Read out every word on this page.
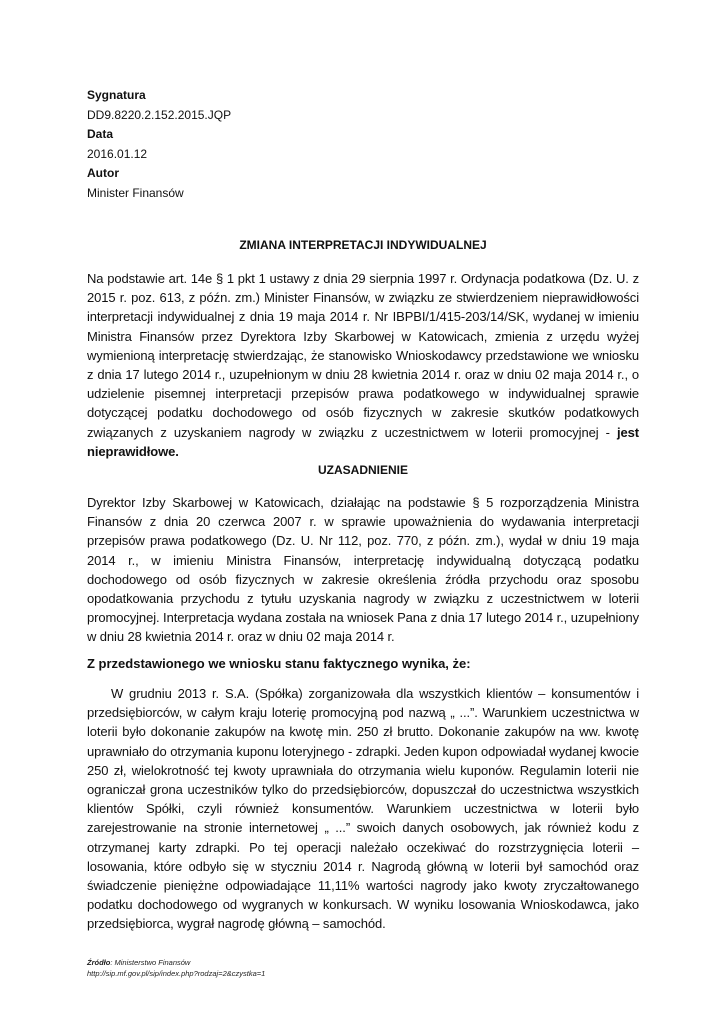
Sygnatura
DD9.8220.2.152.2015.JQP
Data
2016.01.12
Autor
Minister Finansów
ZMIANA INTERPRETACJI INDYWIDUALNEJ

Na podstawie art. 14e § 1 pkt 1 ustawy z dnia 29 sierpnia 1997 r. Ordynacja podatkowa (Dz. U. z 2015 r. poz. 613, z późn. zm.) Minister Finansów, w związku ze stwierdzeniem nieprawidłowości interpretacji indywidualnej z dnia 19 maja 2014 r. Nr IBPBI/1/415-203/14/SK, wydanej w imieniu Ministra Finansów przez Dyrektora Izby Skarbowej w Katowicach, zmienia z urzędu wyżej wymienioną interpretację stwierdzając, że stanowisko Wnioskodawcy przedstawione we wniosku z dnia 17 lutego 2014 r., uzupełnionym w dniu 28 kwietnia 2014 r. oraz w dniu 02 maja 2014 r., o udzielenie pisemnej interpretacji przepisów prawa podatkowego w indywidualnej sprawie dotyczącej podatku dochodowego od osób fizycznych w zakresie skutków podatkowych związanych z uzyskaniem nagrody w związku z uczestnictwem w loterii promocyjnej - jest nieprawidłowe.

UZASADNIENIE

Dyrektor Izby Skarbowej w Katowicach, działając na podstawie § 5 rozporządzenia Ministra Finansów z dnia 20 czerwca 2007 r. w sprawie upoważnienia do wydawania interpretacji przepisów prawa podatkowego (Dz. U. Nr 112, poz. 770, z późn. zm.), wydał w dniu 19 maja 2014 r., w imieniu Ministra Finansów, interpretację indywidualną dotyczącą podatku dochodowego od osób fizycznych w zakresie określenia źródła przychodu oraz sposobu opodatkowania przychodu z tytułu uzyskania nagrody w związku z uczestnictwem w loterii promocyjnej. Interpretacja wydana została na wniosek Pana z dnia 17 lutego 2014 r., uzupełniony w dniu 28 kwietnia 2014 r. oraz w dniu 02 maja 2014 r.

Z przedstawionego we wniosku stanu faktycznego wynika, że:

W grudniu 2013 r. S.A. (Spółka) zorganizowała dla wszystkich klientów – konsumentów i przedsiębiorców, w całym kraju loterię promocyjną pod nazwą „ ...”. Warunkiem uczestnictwa w loterii było dokonanie zakupów na kwotę min. 250 zł brutto. Dokonanie zakupów na ww. kwotę uprawniało do otrzymania kuponu loteryjnego - zdrapki. Jeden kupon odpowiadał wydanej kwocie 250 zł, wielokrotność tej kwoty uprawniała do otrzymania wielu kuponów. Regulamin loterii nie ograniczał grona uczestników tylko do przedsiębiorców, dopuszczał do uczestnictwa wszystkich klientów Spółki, czyli również konsumentów. Warunkiem uczestnictwa w loterii było zarejestrowanie na stronie internetowej „ ...” swoich danych osobowych, jak również kodu z otrzymanej karty zdrapki. Po tej operacji należało oczekiwać do rozstrzygnięcia loterii – losowania, które odbyło się w styczniu 2014 r. Nagrodą główną w loterii był samochód oraz świadczenie pieniężne odpowiadające 11,11% wartości nagrody jako kwoty zryczałtowanego podatku dochodowego od wygranych w konkursach. W wyniku losowania Wnioskodawca, jako przedsiębiorca, wygrał nagrodę główną – samochód.

Źródło: Ministerstwo Finansów
http://sip.mf.gov.pl/sip/index.php?rodzaj=2&czystka=1
